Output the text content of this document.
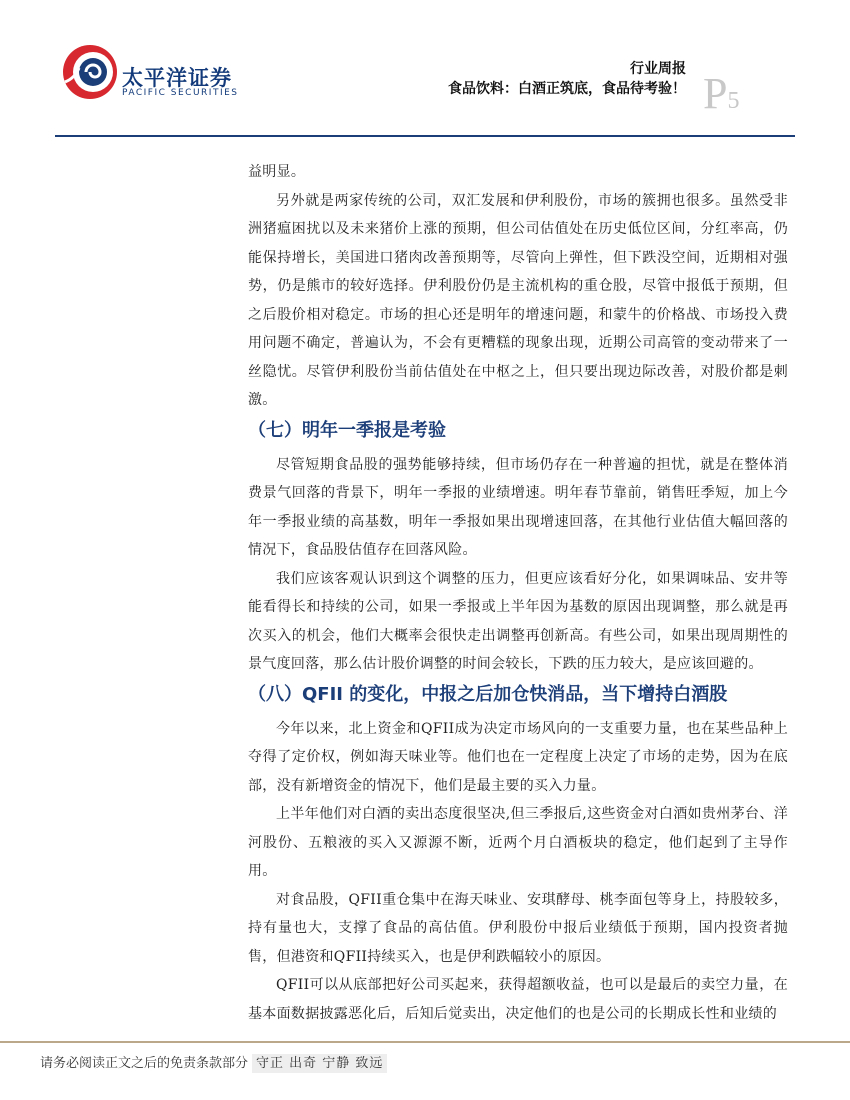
太平洋证券
PACIFIC SECURITIES
行业周报
食品饮料：白酒正筑底，食品待考验！ P5

益明显。

另外就是两家传统的公司，双汇发展和伊利股份，市场的簇拥也很多。虽然受非洲猪瘟困扰以及未来猪价上涨的预期，但公司估值处在历史低位区间，分红率高，仍能保持增长，美国进口猪肉改善预期等，尽管向上弹性，但下跌没空间，近期相对强势，仍是熊市的较好选择。伊利股份仍是主流机构的重仓股，尽管中报低于预期，但之后股价相对稳定。市场的担心还是明年的增速问题，和蒙牛的价格战、市场投入费用问题不确定，普遍认为，不会有更糟糕的现象出现，近期公司高管的变动带来了一丝隐忧。尽管伊利股份当前估值处在中枢之上，但只要出现边际改善，对股价都是刺激。

（七）明年一季报是考验

尽管短期食品股的强势能够持续，但市场仍存在一种普遍的担忧，就是在整体消费景气回落的背景下，明年一季报的业绩增速。明年春节靠前，销售旺季短，加上今年一季报业绩的高基数，明年一季报如果出现增速回落，在其他行业估值大幅回落的情况下，食品股估值存在回落风险。

我们应该客观认识到这个调整的压力，但更应该看好分化，如果调味品、安井等能看得长和持续的公司，如果一季报或上半年因为基数的原因出现调整，那么就是再次买入的机会，他们大概率会很快走出调整再创新高。有些公司，如果出现周期性的景气度回落，那么估计股价调整的时间会较长，下跌的压力较大，是应该回避的。

（八）QFII 的变化，中报之后加仓快消品，当下增持白酒股

今年以来，北上资金和QFII成为决定市场风向的一支重要力量，也在某些品种上夺得了定价权，例如海天味业等。他们也在一定程度上决定了市场的走势，因为在底部，没有新增资金的情况下，他们是最主要的买入力量。

上半年他们对白酒的卖出态度很坚决,但三季报后,这些资金对白酒如贵州茅台、洋河股份、五粮液的买入又源源不断，近两个月白酒板块的稳定，他们起到了主导作用。

对食品股，QFII重仓集中在海天味业、安琪酵母、桃李面包等身上，持股较多，持有量也大，支撑了食品的高估值。伊利股份中报后业绩低于预期，国内投资者抛售，但港资和QFII持续买入，也是伊利跌幅较小的原因。

QFII可以从底部把好公司买起来，获得超额收益，也可以是最后的卖空力量，在基本面数据披露恶化后，后知后觉卖出，决定他们的也是公司的长期成长性和业绩的

请务必阅读正文之后的免责条款部分 守正 出奇 宁静 致远
